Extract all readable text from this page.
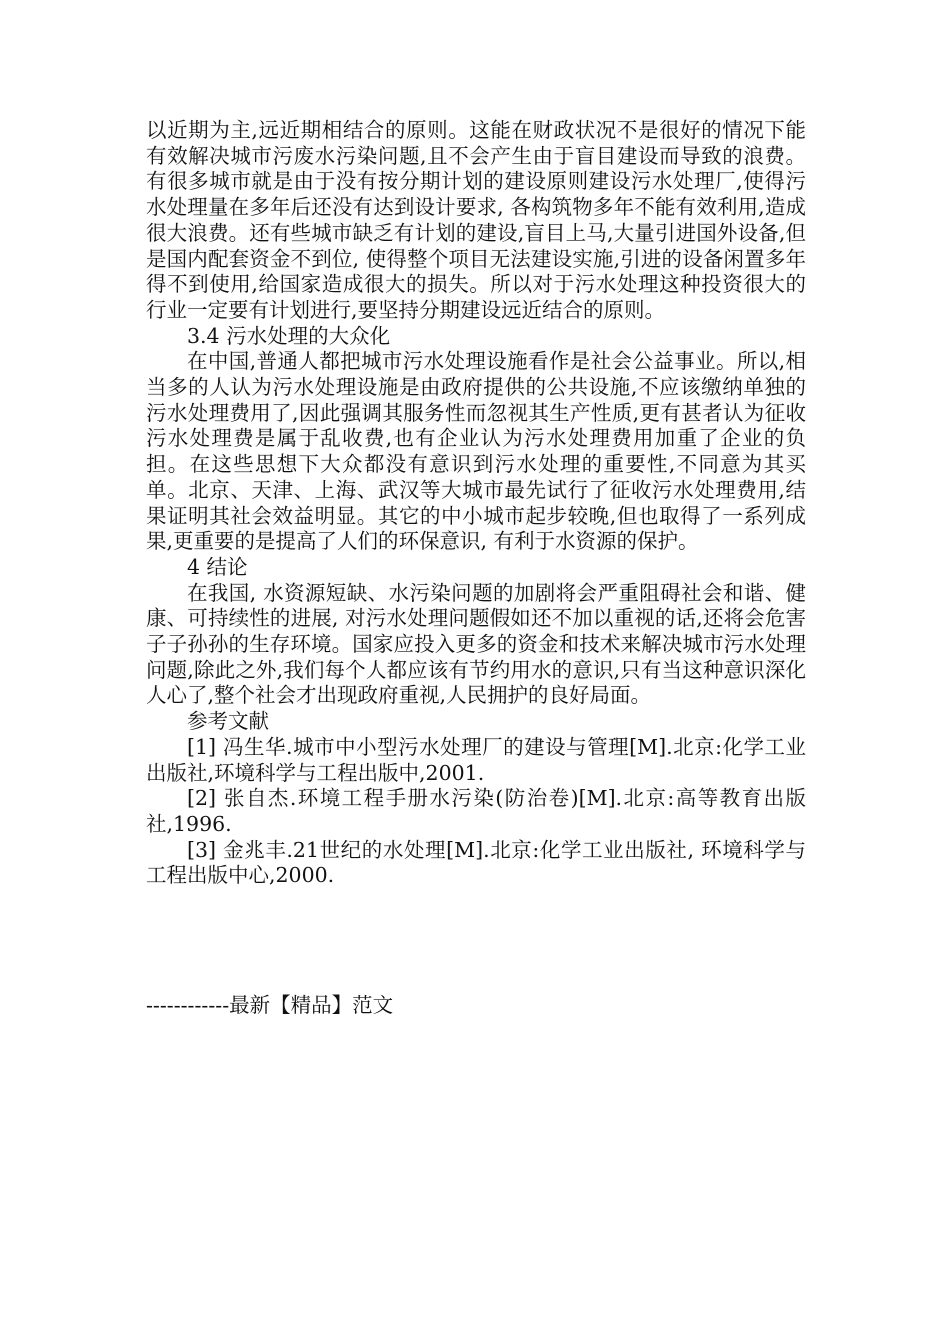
以近期为主,远近期相结合的原则。这能在财政状况不是很好的情况下能有效解决城市污废水污染问题,且不会产生由于盲目建设而导致的浪费。有很多城市就是由于没有按分期计划的建设原则建设污水处理厂,使得污水处理量在多年后还没有达到设计要求, 各构筑物多年不能有效利用,造成很大浪费。还有些城市缺乏有计划的建设,盲目上马,大量引进国外设备,但是国内配套资金不到位, 使得整个项目无法建设实施,引进的设备闲置多年得不到使用,给国家造成很大的损失。所以对于污水处理这种投资很大的行业一定要有计划进行,要坚持分期建设远近结合的原则。

3.4 污水处理的大众化

在中国,普通人都把城市污水处理设施看作是社会公益事业。所以,相当多的人认为污水处理设施是由政府提供的公共设施,不应该缴纳单独的污水处理费用了,因此强调其服务性而忽视其生产性质,更有甚者认为征收污水处理费是属于乱收费,也有企业认为污水处理费用加重了企业的负担。在这些思想下大众都没有意识到污水处理的重要性,不同意为其买单。北京、天津、上海、武汉等大城市最先试行了征收污水处理费用,结果证明其社会效益明显。其它的中小城市起步较晚,但也取得了一系列成果,更重要的是提高了人们的环保意识, 有利于水资源的保护。

4 结论

在我国, 水资源短缺、水污染问题的加剧将会严重阻碍社会和谐、健康、可持续性的进展, 对污水处理问题假如还不加以重视的话,还将会危害子子孙孙的生存环境。国家应投入更多的资金和技术来解决城市污水处理问题,除此之外,我们每个人都应该有节约用水的意识,只有当这种意识深化人心了,整个社会才出现政府重视,人民拥护的良好局面。

参考文献

[1] 冯生华.城市中小型污水处理厂的建设与管理[M].北京:化学工业出版社,环境科学与工程出版中,2001.

[2] 张自杰.环境工程手册水污染(防治卷)[M].北京:高等教育出版社,1996.

[3] 金兆丰.21世纪的水处理[M].北京:化学工业出版社, 环境科学与工程出版中心,2000.

------------最新【精品】范文
